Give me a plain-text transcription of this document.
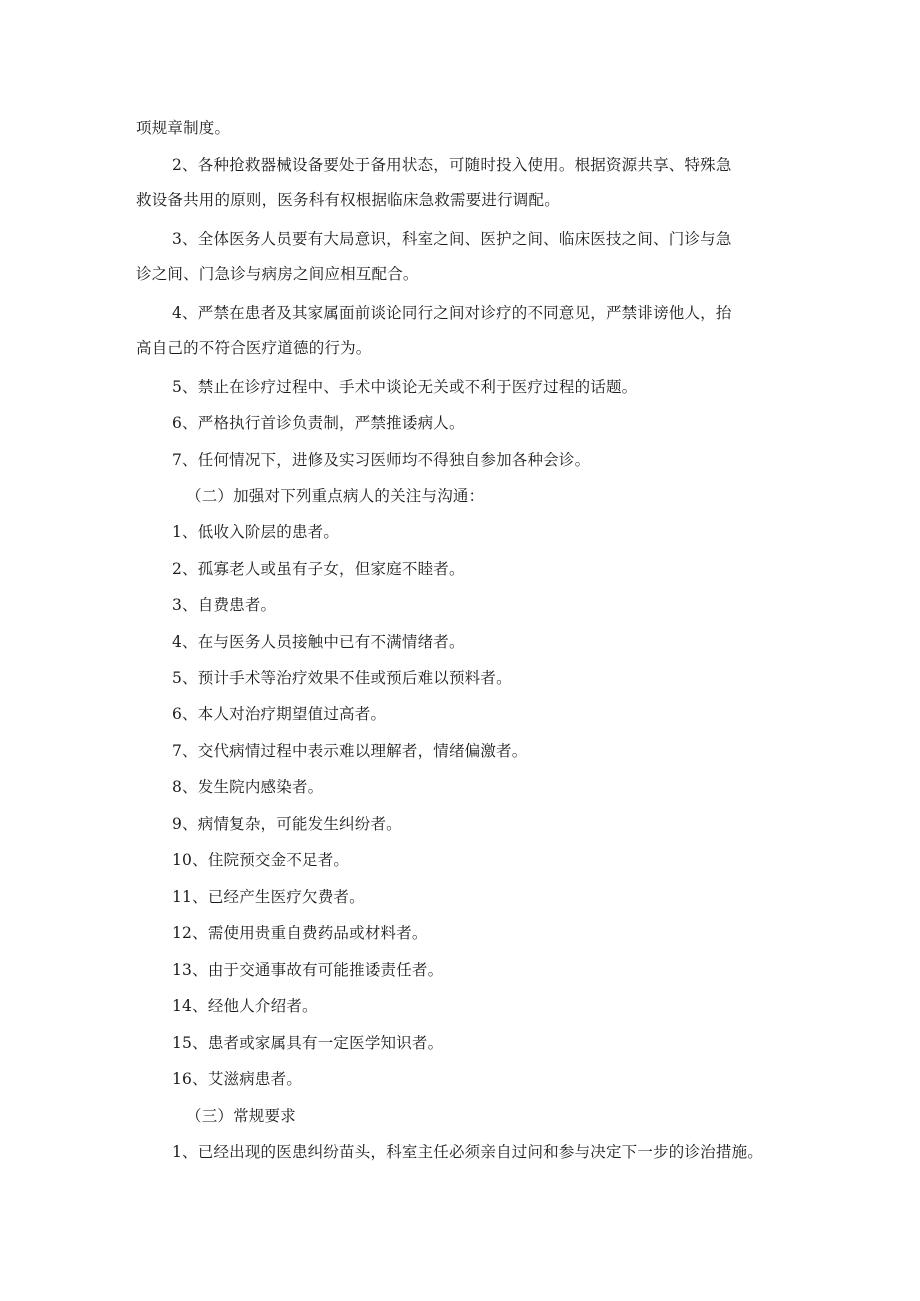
项规章制度。
2、各种抢救器械设备要处于备用状态，可随时投入使用。根据资源共享、特殊急
救设备共用的原则，医务科有权根据临床急救需要进行调配。
3、全体医务人员要有大局意识，科室之间、医护之间、临床医技之间、门诊与急
诊之间、门急诊与病房之间应相互配合。
4、严禁在患者及其家属面前谈论同行之间对诊疗的不同意见，严禁诽谤他人，抬
高自己的不符合医疗道德的行为。
5、禁止在诊疗过程中、手术中谈论无关或不利于医疗过程的话题。
6、严格执行首诊负责制，严禁推诿病人。
7、任何情况下，进修及实习医师均不得独自参加各种会诊。
（二）加强对下列重点病人的关注与沟通：
1、低收入阶层的患者。
2、孤寡老人或虽有子女，但家庭不睦者。
3、自费患者。
4、在与医务人员接触中已有不满情绪者。
5、预计手术等治疗效果不佳或预后难以预料者。
6、本人对治疗期望值过高者。
7、交代病情过程中表示难以理解者，情绪偏激者。
8、发生院内感染者。
9、病情复杂，可能发生纠纷者。
10、住院预交金不足者。
11、已经产生医疗欠费者。
12、需使用贵重自费药品或材料者。
13、由于交通事故有可能推诿责任者。
14、经他人介绍者。
15、患者或家属具有一定医学知识者。
16、艾滋病患者。
（三）常规要求
1、已经出现的医患纠纷苗头，科室主任必须亲自过问和参与决定下一步的诊治措施。
